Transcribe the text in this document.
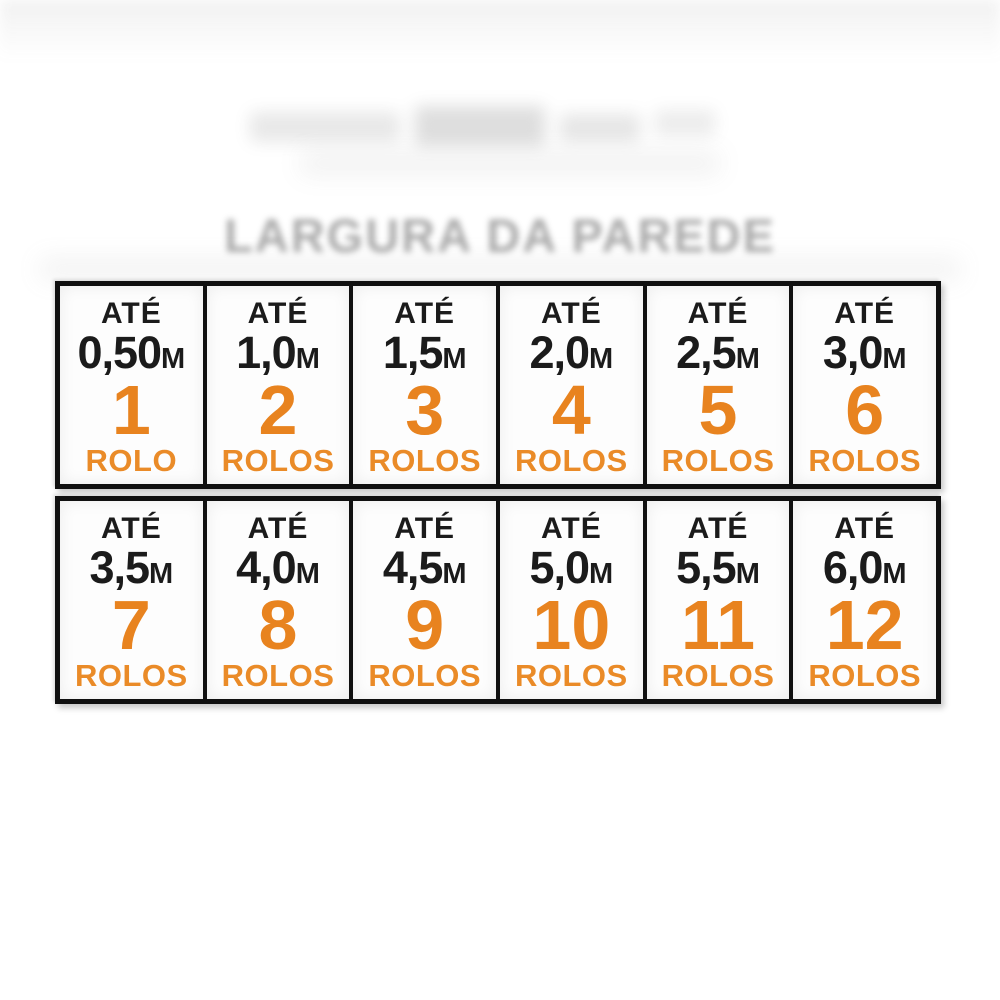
LARGURA DA PAREDE
ATÉ
0,50M
1
ROLO
ATÉ
1,0M
2
ROLOS
ATÉ
1,5M
3
ROLOS
ATÉ
2,0M
4
ROLOS
ATÉ
2,5M
5
ROLOS
ATÉ
3,0M
6
ROLOS
ATÉ
3,5M
7
ROLOS
ATÉ
4,0M
8
ROLOS
ATÉ
4,5M
9
ROLOS
ATÉ
5,0M
10
ROLOS
ATÉ
5,5M
11
ROLOS
ATÉ
6,0M
12
ROLOS
